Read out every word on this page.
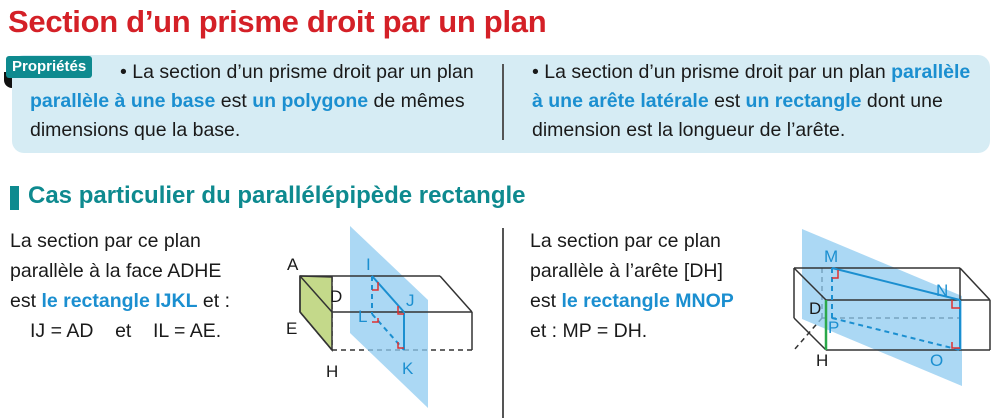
Section d’un prisme droit par un plan
Propriétés	• La section d’un prisme droit par un plan parallèle à une base est un polygone de mêmes dimensions que la base.
• La section d’un prisme droit par un plan parallèle à une arête latérale est un rectangle dont une dimension est la longueur de l’arête.
Cas particulier du parallélépipède rectangle
La section par ce plan
parallèle à la face ADHE
est le rectangle IJKL et :
IJ = AD    et    IL = AE.
La section par ce plan
parallèle à l’arête [DH]
est le rectangle MNOP
et : MP = DH.
A
D
E
H
I
J
L
K
M
N
D
P
H	O
